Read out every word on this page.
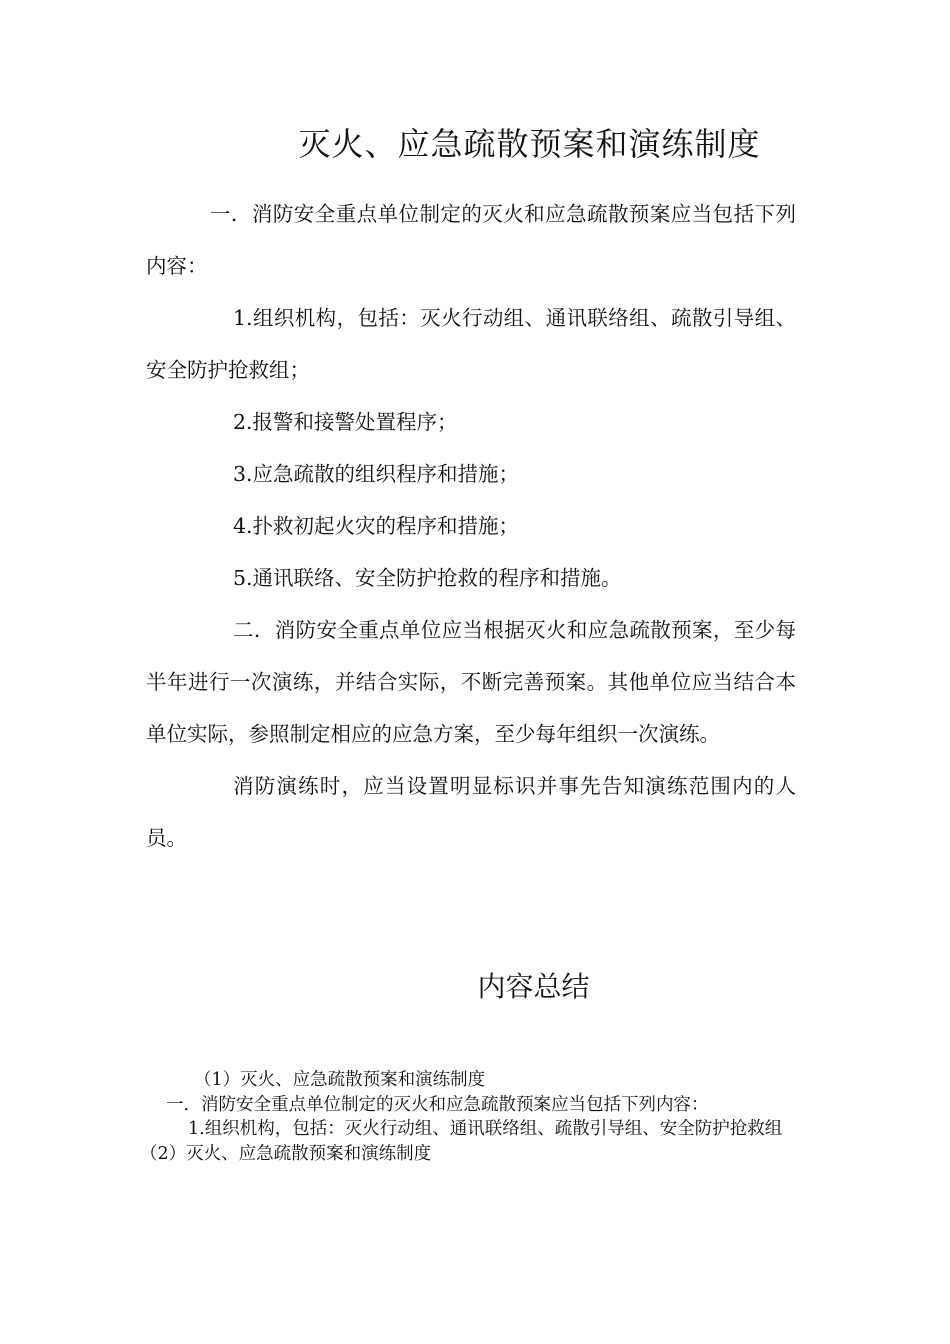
灭火、应急疏散预案和演练制度

一．消防安全重点单位制定的灭火和应急疏散预案应当包括下列内容：

1.组织机构，包括：灭火行动组、通讯联络组、疏散引导组、安全防护抢救组；

2.报警和接警处置程序；

3.应急疏散的组织程序和措施；

4.扑救初起火灾的程序和措施；

5.通讯联络、安全防护抢救的程序和措施。

二．消防安全重点单位应当根据灭火和应急疏散预案，至少每半年进行一次演练，并结合实际，不断完善预案。其他单位应当结合本单位实际，参照制定相应的应急方案，至少每年组织一次演练。

消防演练时，应当设置明显标识并事先告知演练范围内的人员。

内容总结

（1）灭火、应急疏散预案和演练制度

一．消防安全重点单位制定的灭火和应急疏散预案应当包括下列内容：

1.组织机构，包括：灭火行动组、通讯联络组、疏散引导组、安全防护抢救组

（2）灭火、应急疏散预案和演练制度
